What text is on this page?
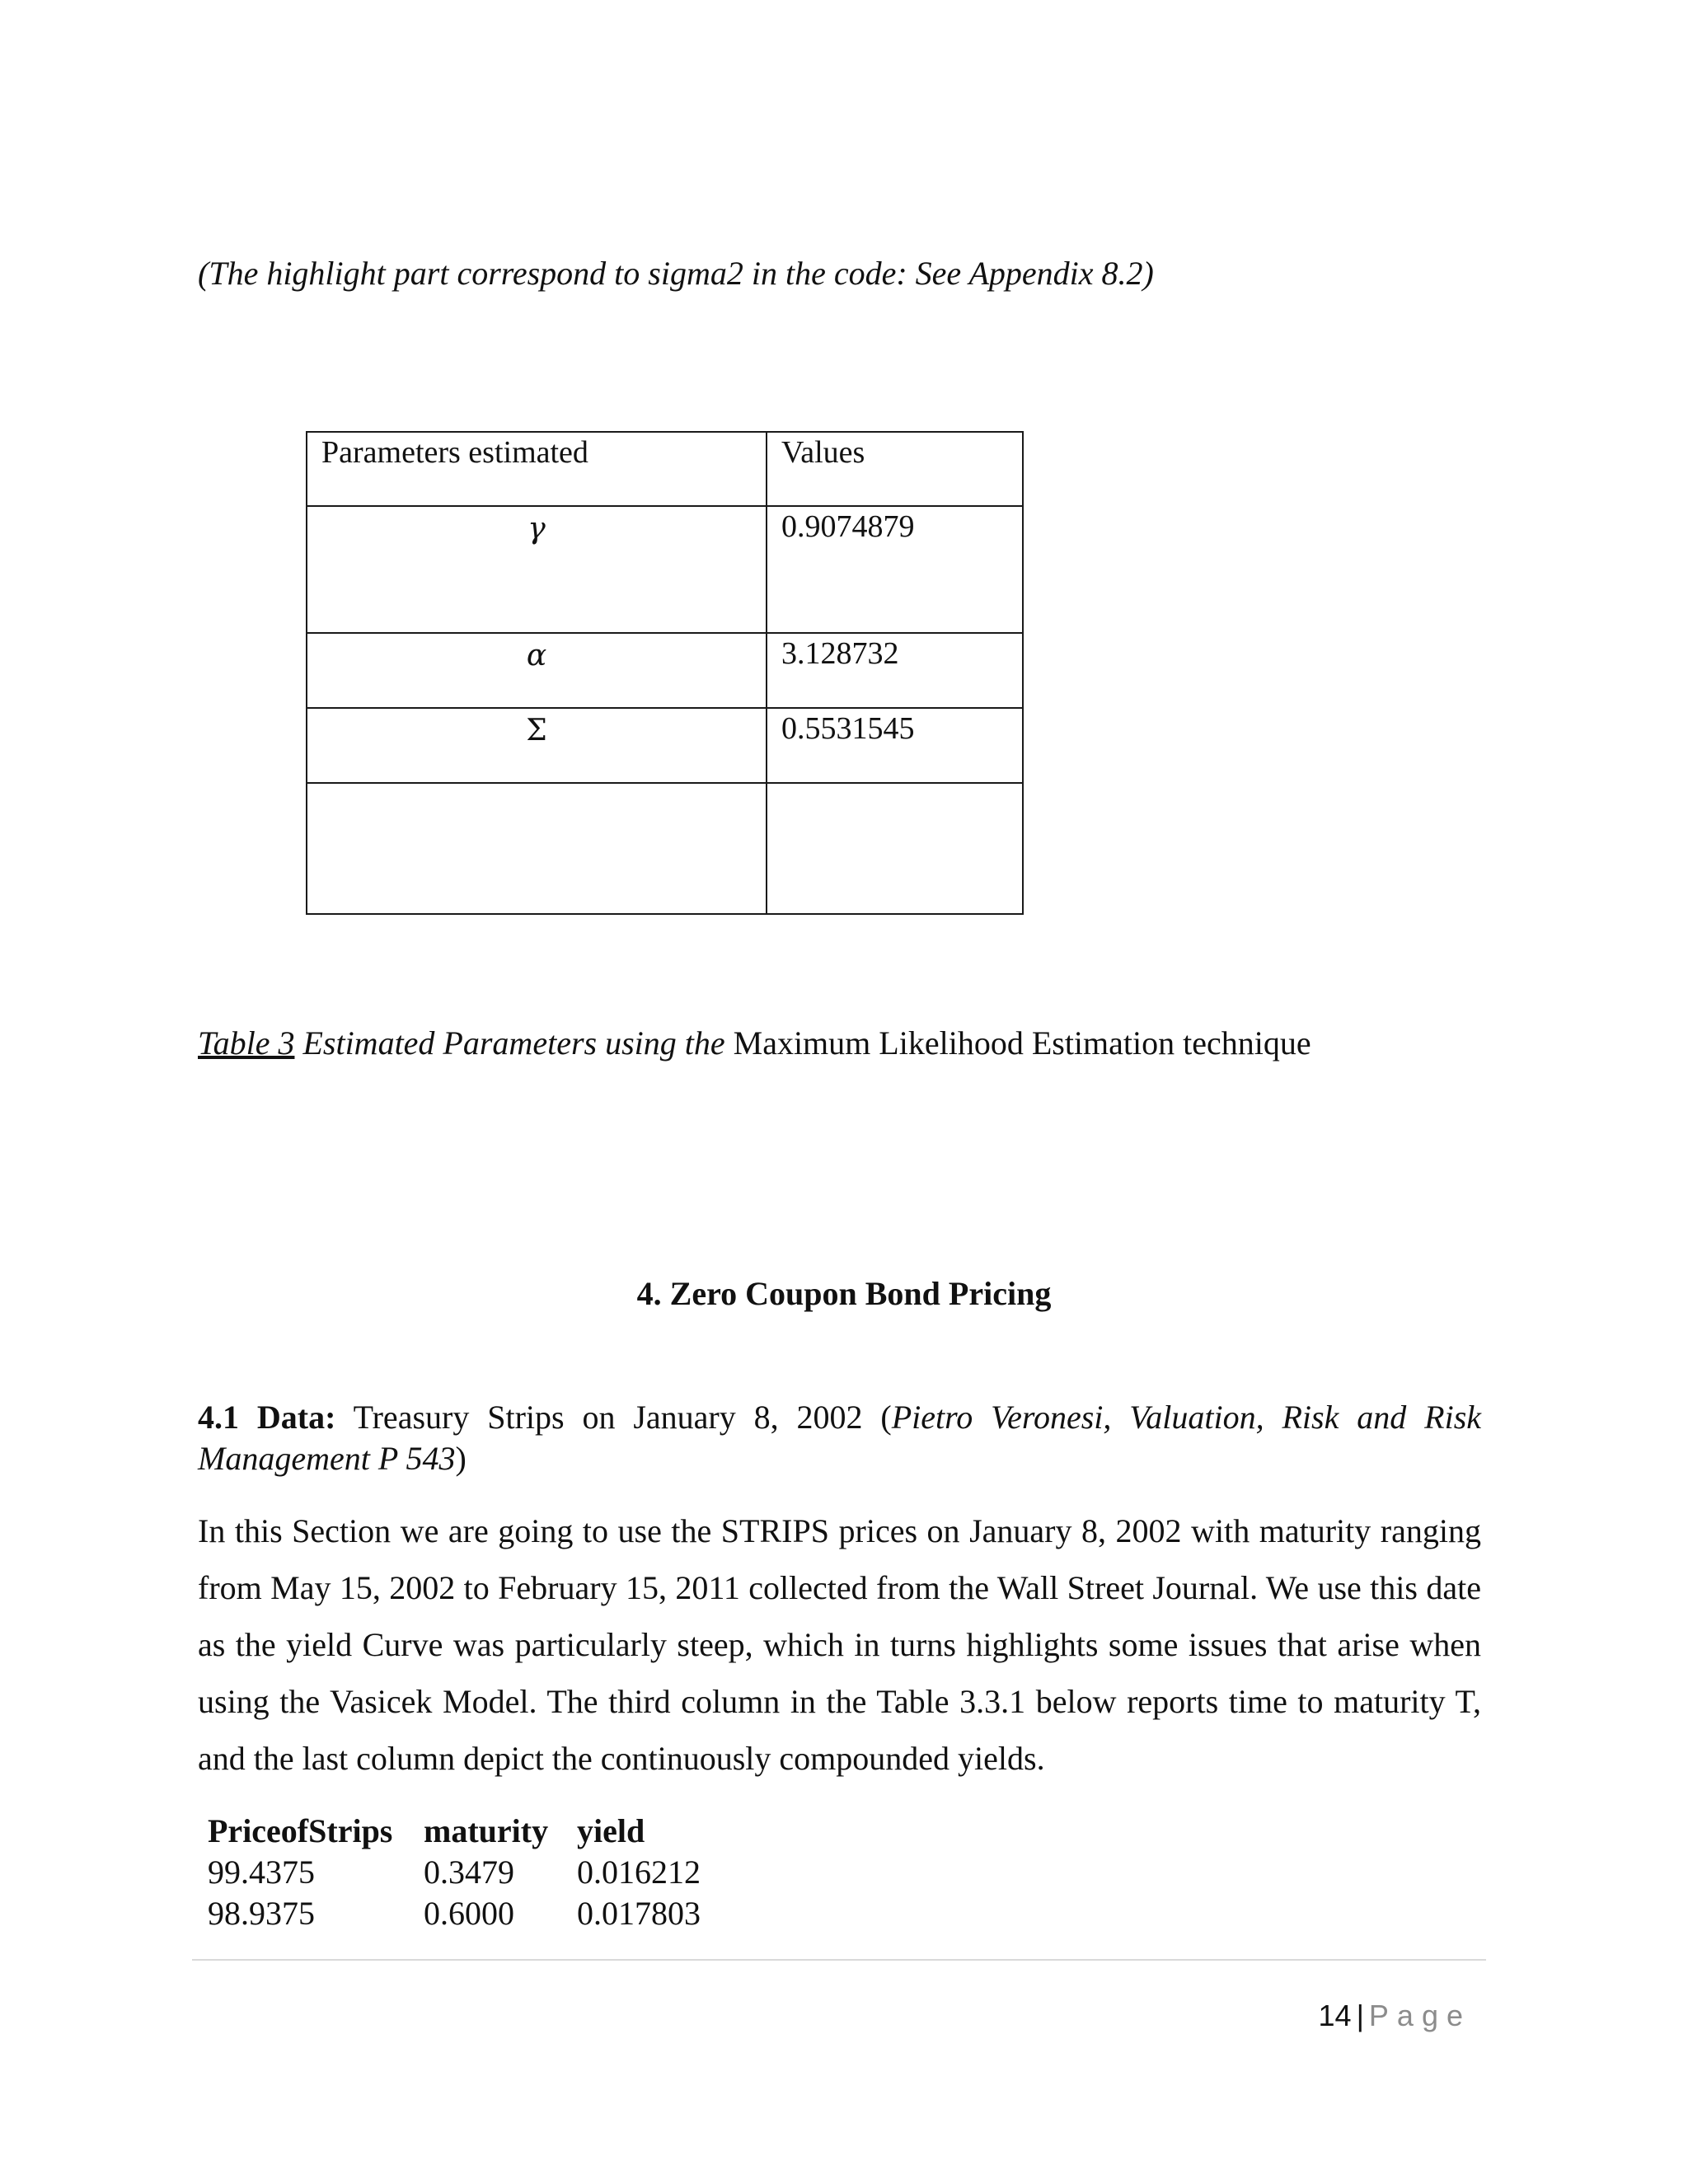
(The highlight part correspond to sigma2 in the code: See Appendix 8.2)
Parameters estimated	Values
γ	0.9074879
α	3.128732
Σ	0.5531545

Table 3 Estimated Parameters using the Maximum Likelihood Estimation technique
4. Zero Coupon Bond Pricing
4.1 Data: Treasury Strips on January 8, 2002 (Pietro Veronesi, Valuation, Risk and Risk Management P 543)
In this Section we are going to use the STRIPS prices on January 8, 2002 with maturity ranging from May 15, 2002 to February 15, 2011 collected from the Wall Street Journal. We use this date as the yield Curve was particularly steep, which in turns highlights some issues that arise when using the Vasicek Model. The third column in the Table 3.3.1 below reports time to maturity T, and the last column depict the continuously compounded yields.
PriceofStrips maturity yield
99.4375	0.3479	0.016212
98.9375	0.6000	0.017803
14 | Page
